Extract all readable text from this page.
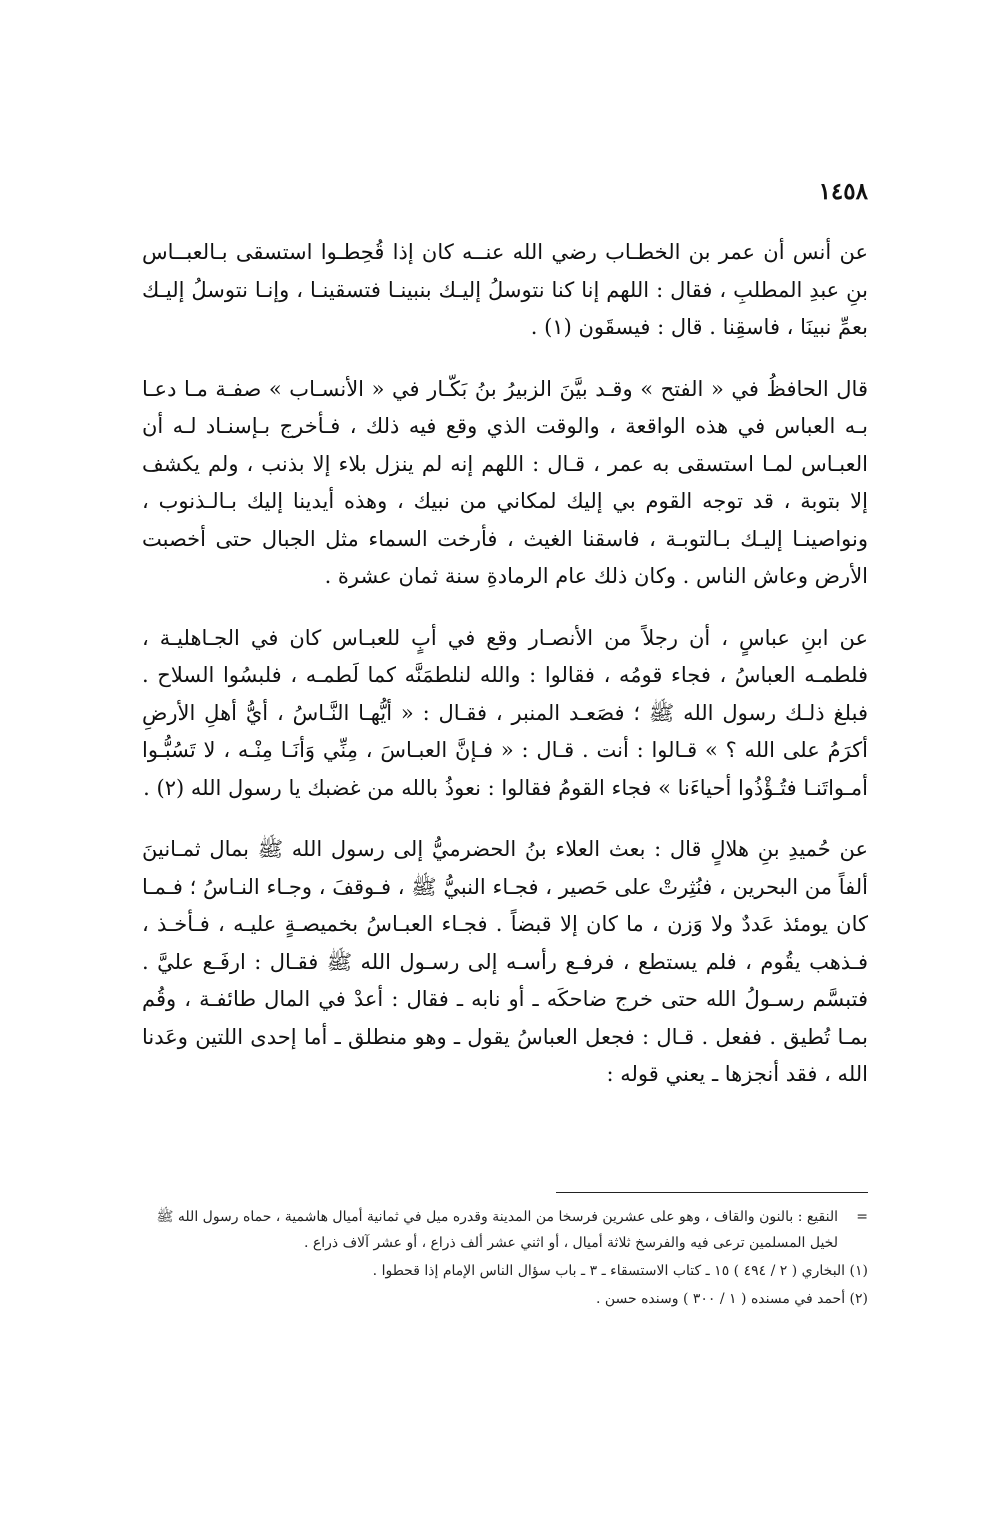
١٤٥٨

عن أنس أن عمر بن الخطـاب رضي الله عنــه كان إذا قُحِطـوا استسقى بـالعبــاس بنِ عبدِ المطلبِ ، فقال : اللهم إنا كنا نتوسلُ إليـك بنبينـا فتسقينـا ، وإنـا نتوسلُ إليـك بعمِّ نبينَا ، فاسقِنا . قال : فيسقَون (١) .

قال الحافظُ في « الفتح » وقـد بيَّنَ الزبيرُ بنُ بَكّـار في « الأنسـاب » صفـة مـا دعـا بـه العباس في هذه الواقعة ، والوقت الذي وقع فيه ذلك ، فـأخرج بـإسنـاد لـه أن العبـاس لمـا استسقى به عمر ، قـال : اللهم إنه لم ينزل بلاء إلا بذنب ، ولم يكشف إلا بتوبة ، قد توجه القوم بي إليك لمكاني من نبيك ، وهذه أيدينا إليك بـالـذنوب ، ونواصينـا إليـك بـالتوبـة ، فاسقنا الغيث ، فأرخت السماء مثل الجبال حتى أخصبت الأرض وعاش الناس . وكان ذلك عام الرمادةِ سنة ثمان عشرة .

عن ابنِ عباسٍ ، أن رجلاً من الأنصـار وقع في أبٍ للعبـاس كان في الجـاهليـة ، فلطمـه العباسُ ، فجاء قومُه ، فقالوا : والله لنلطمَنَّه كما لَطمـه ، فلبسُوا السلاح . فبلغ ذلـك رسول الله ﷺ ؛ فصَعـد المنبر ، فقـال : « أيُّهـا النَّـاسُ ، أيُّ أهلِ الأرضِ أكرَمُ على الله ؟ » قـالوا : أنت . قـال : « فـإنَّ العبـاسَ ، مِنِّي وَأنَـا مِنْـه ، لا تَسُبُّـوا أمـواتَنـا فتُـؤْذُوا أحياءَنا » فجاء القومُ فقالوا : نعوذُ بالله من غضبك يا رسول الله (٢) .

عن حُميدِ بنِ هلالٍ قال : بعث العلاء بنُ الحضرميُّ إلى رسول الله ﷺ بمال ثمـانينَ ألفاً من البحرين ، فنُثِرتْ على حَصير ، فجـاء النبيُّ ﷺ ، فـوقفَ ، وجـاء النـاسُ ؛ فـمـا كان يومئذ عَددٌ ولا وَزن ، ما كان إلا قبضاً . فجـاء العبـاسُ بخميصـةٍ عليـه ، فـأخـذ ، فـذهب يقُوم ، فلم يستطع ، فرفـع رأسـه إلى رسـول الله ﷺ فقـال : ارفَـع عليَّ . فتبسَّم رسـولُ الله حتى خرج ضاحكَه ـ أو نابه ـ فقال : أعدْ في المال طائفـة ، وقُم بمـا تُطيق . ففعل . قـال : فجعل العباسُ يقول ـ وهو منطلق ـ أما إحدى اللتين وعَدنا الله ، فقد أنجزها ـ يعني قوله :

=
النقيع : بالنون والقاف ، وهو على عشرين فرسخا من المدينة وقدره ميل في ثمانية أميال هاشمية ، حماه رسول الله ﷺ لخيل المسلمين ترعى فيه والفرسخ ثلاثة أميال ، أو اثني عشر ألف ذراع ، أو عشر آلاف ذراع .

(١) البخاري ( ٢ / ٤٩٤ ) ١٥ ـ كتاب الاستسقاء ـ ٣ ـ باب سؤال الناس الإمام إذا قحطوا .

(٢) أحمد في مسنده ( ١ / ٣٠٠ ) وسنده حسن .
